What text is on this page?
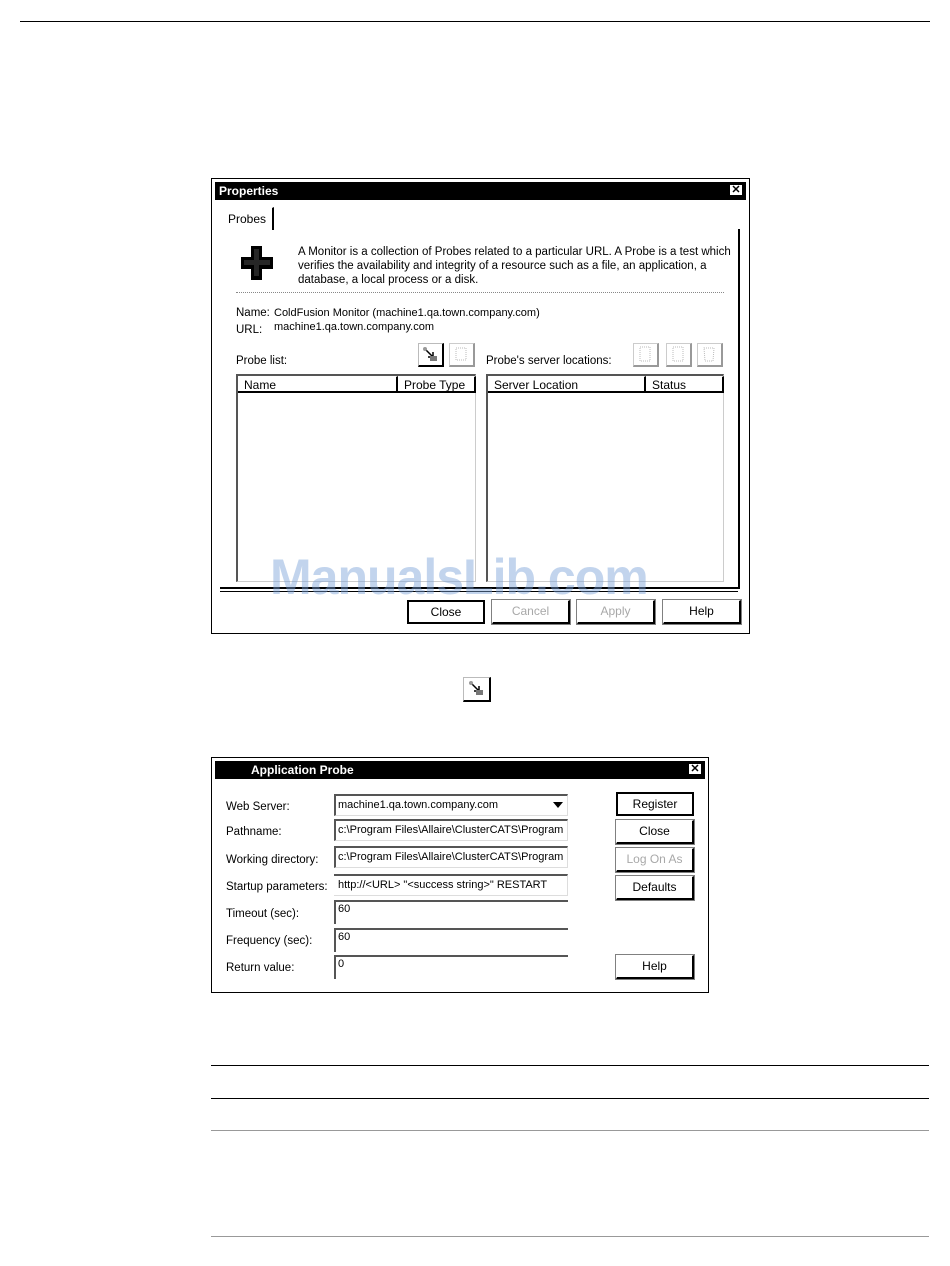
Properties	✕
Probes
A Monitor is a collection of Probes related to a particular URL. A Probe is a test which verifies the availability and integrity of a resource such as a file, an application, a database, a local process or a disk.
Name: ColdFusion Monitor (machine1.qa.town.company.com)
URL: machine1.qa.town.company.com
Probe list:	Probe's server locations:
Name	Probe Type	Server Location	Status
Close	Cancel	Apply	Help
ManualsLib.com
Application Probe	✕
Web Server:	machine1.qa.town.company.com
Pathname:	c:\Program Files\Allaire\ClusterCATS\Program
Working directory:	c:\Program Files\Allaire\ClusterCATS\Program
Startup parameters: http://<URL> "<success string>" RESTART
Timeout (sec):	60
Frequency (sec):	60
Return value:	0
Register
Close
Log On As
Defaults
Help
